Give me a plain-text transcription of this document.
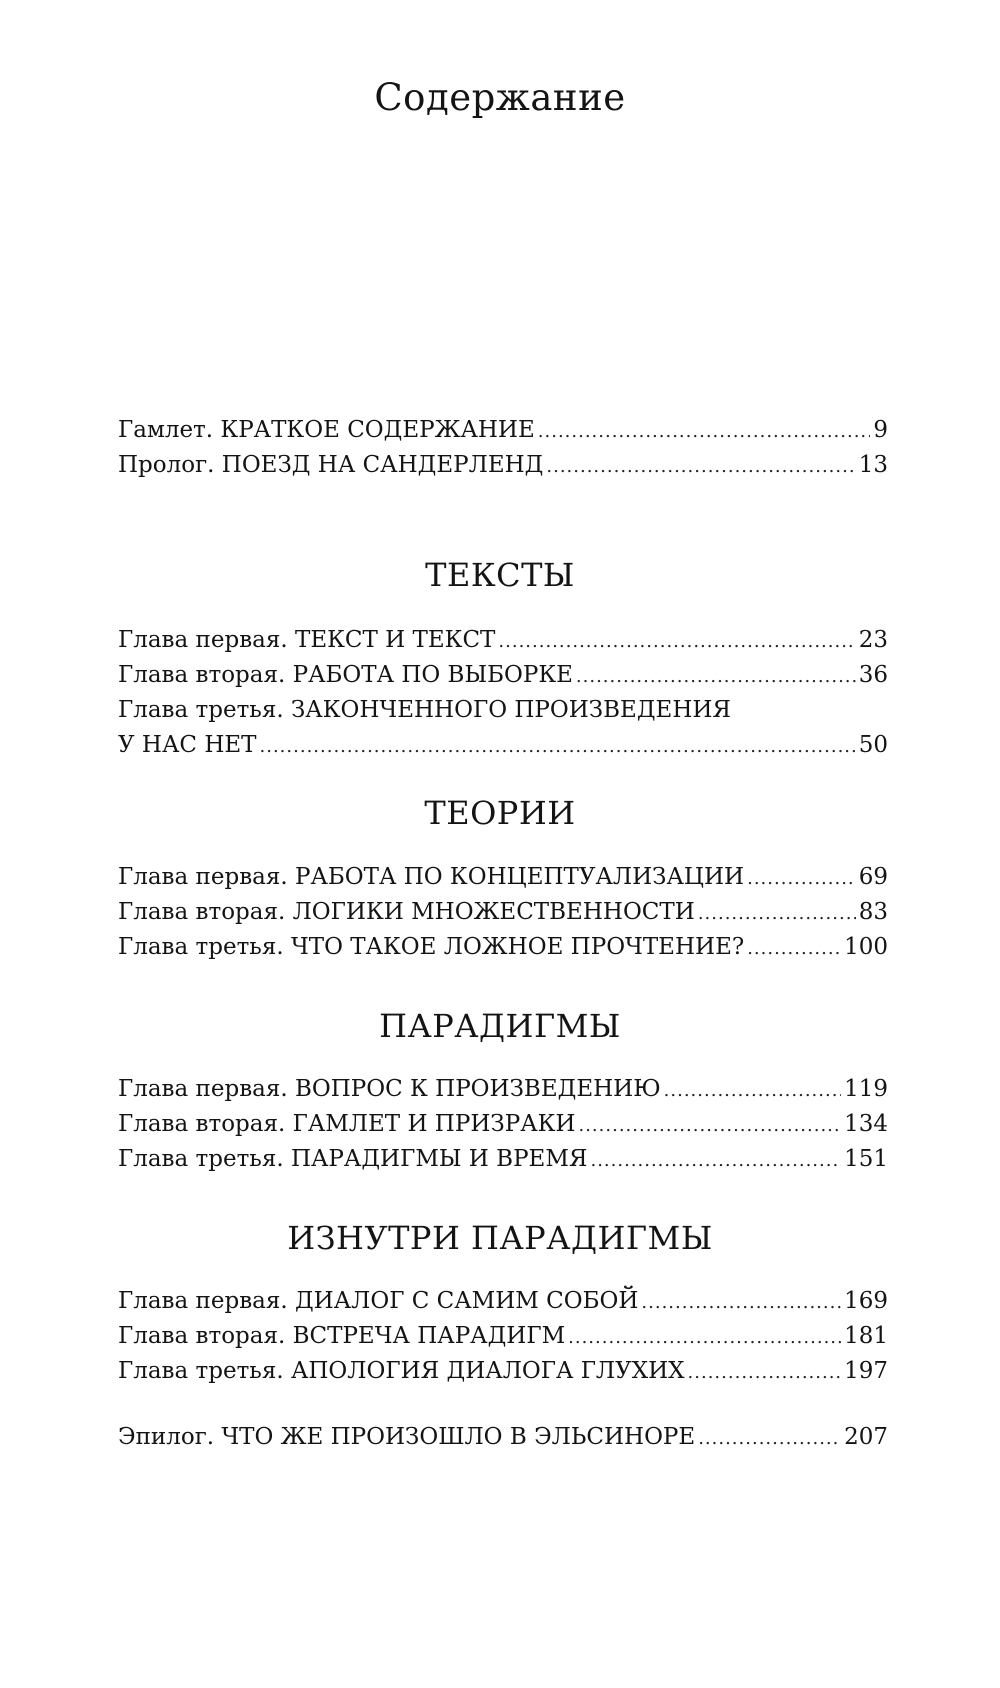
Содержание
Гамлет. КРАТКОЕ СОДЕРЖАНИЕ .....	9
Пролог. ПОЕЗД НА САНДЕРЛЕНД .....	13
ТЕКСТЫ
Глава первая. ТЕКСТ И ТЕКСТ .....	23
Глава вторая. РАБОТА ПО ВЫБОРКЕ .....	36
Глава третья. ЗАКОНЧЕННОГО ПРОИЗВЕДЕНИЯ
У НАС НЕТ .....	50
ТЕОРИИ
Глава первая. РАБОТА ПО КОНЦЕПТУАЛИЗАЦИИ .....	69
Глава вторая. ЛОГИКИ МНОЖЕСТВЕННОСТИ .....	83
Глава третья. ЧТО ТАКОЕ ЛОЖНОЕ ПРОЧТЕНИЕ? .....	100
ПАРАДИГМЫ
Глава первая. ВОПРОС К ПРОИЗВЕДЕНИЮ .....	119
Глава вторая. ГАМЛЕТ И ПРИЗРАКИ .....	134
Глава третья. ПАРАДИГМЫ И ВРЕМЯ .....	151
ИЗНУТРИ ПАРАДИГМЫ
Глава первая. ДИАЛОГ С САМИМ СОБОЙ .....	169
Глава вторая. ВСТРЕЧА ПАРАДИГМ .....	181
Глава третья. АПОЛОГИЯ ДИАЛОГА ГЛУХИХ .....	197
Эпилог. ЧТО ЖЕ ПРОИЗОШЛО В ЭЛЬСИНОРЕ .....	207
